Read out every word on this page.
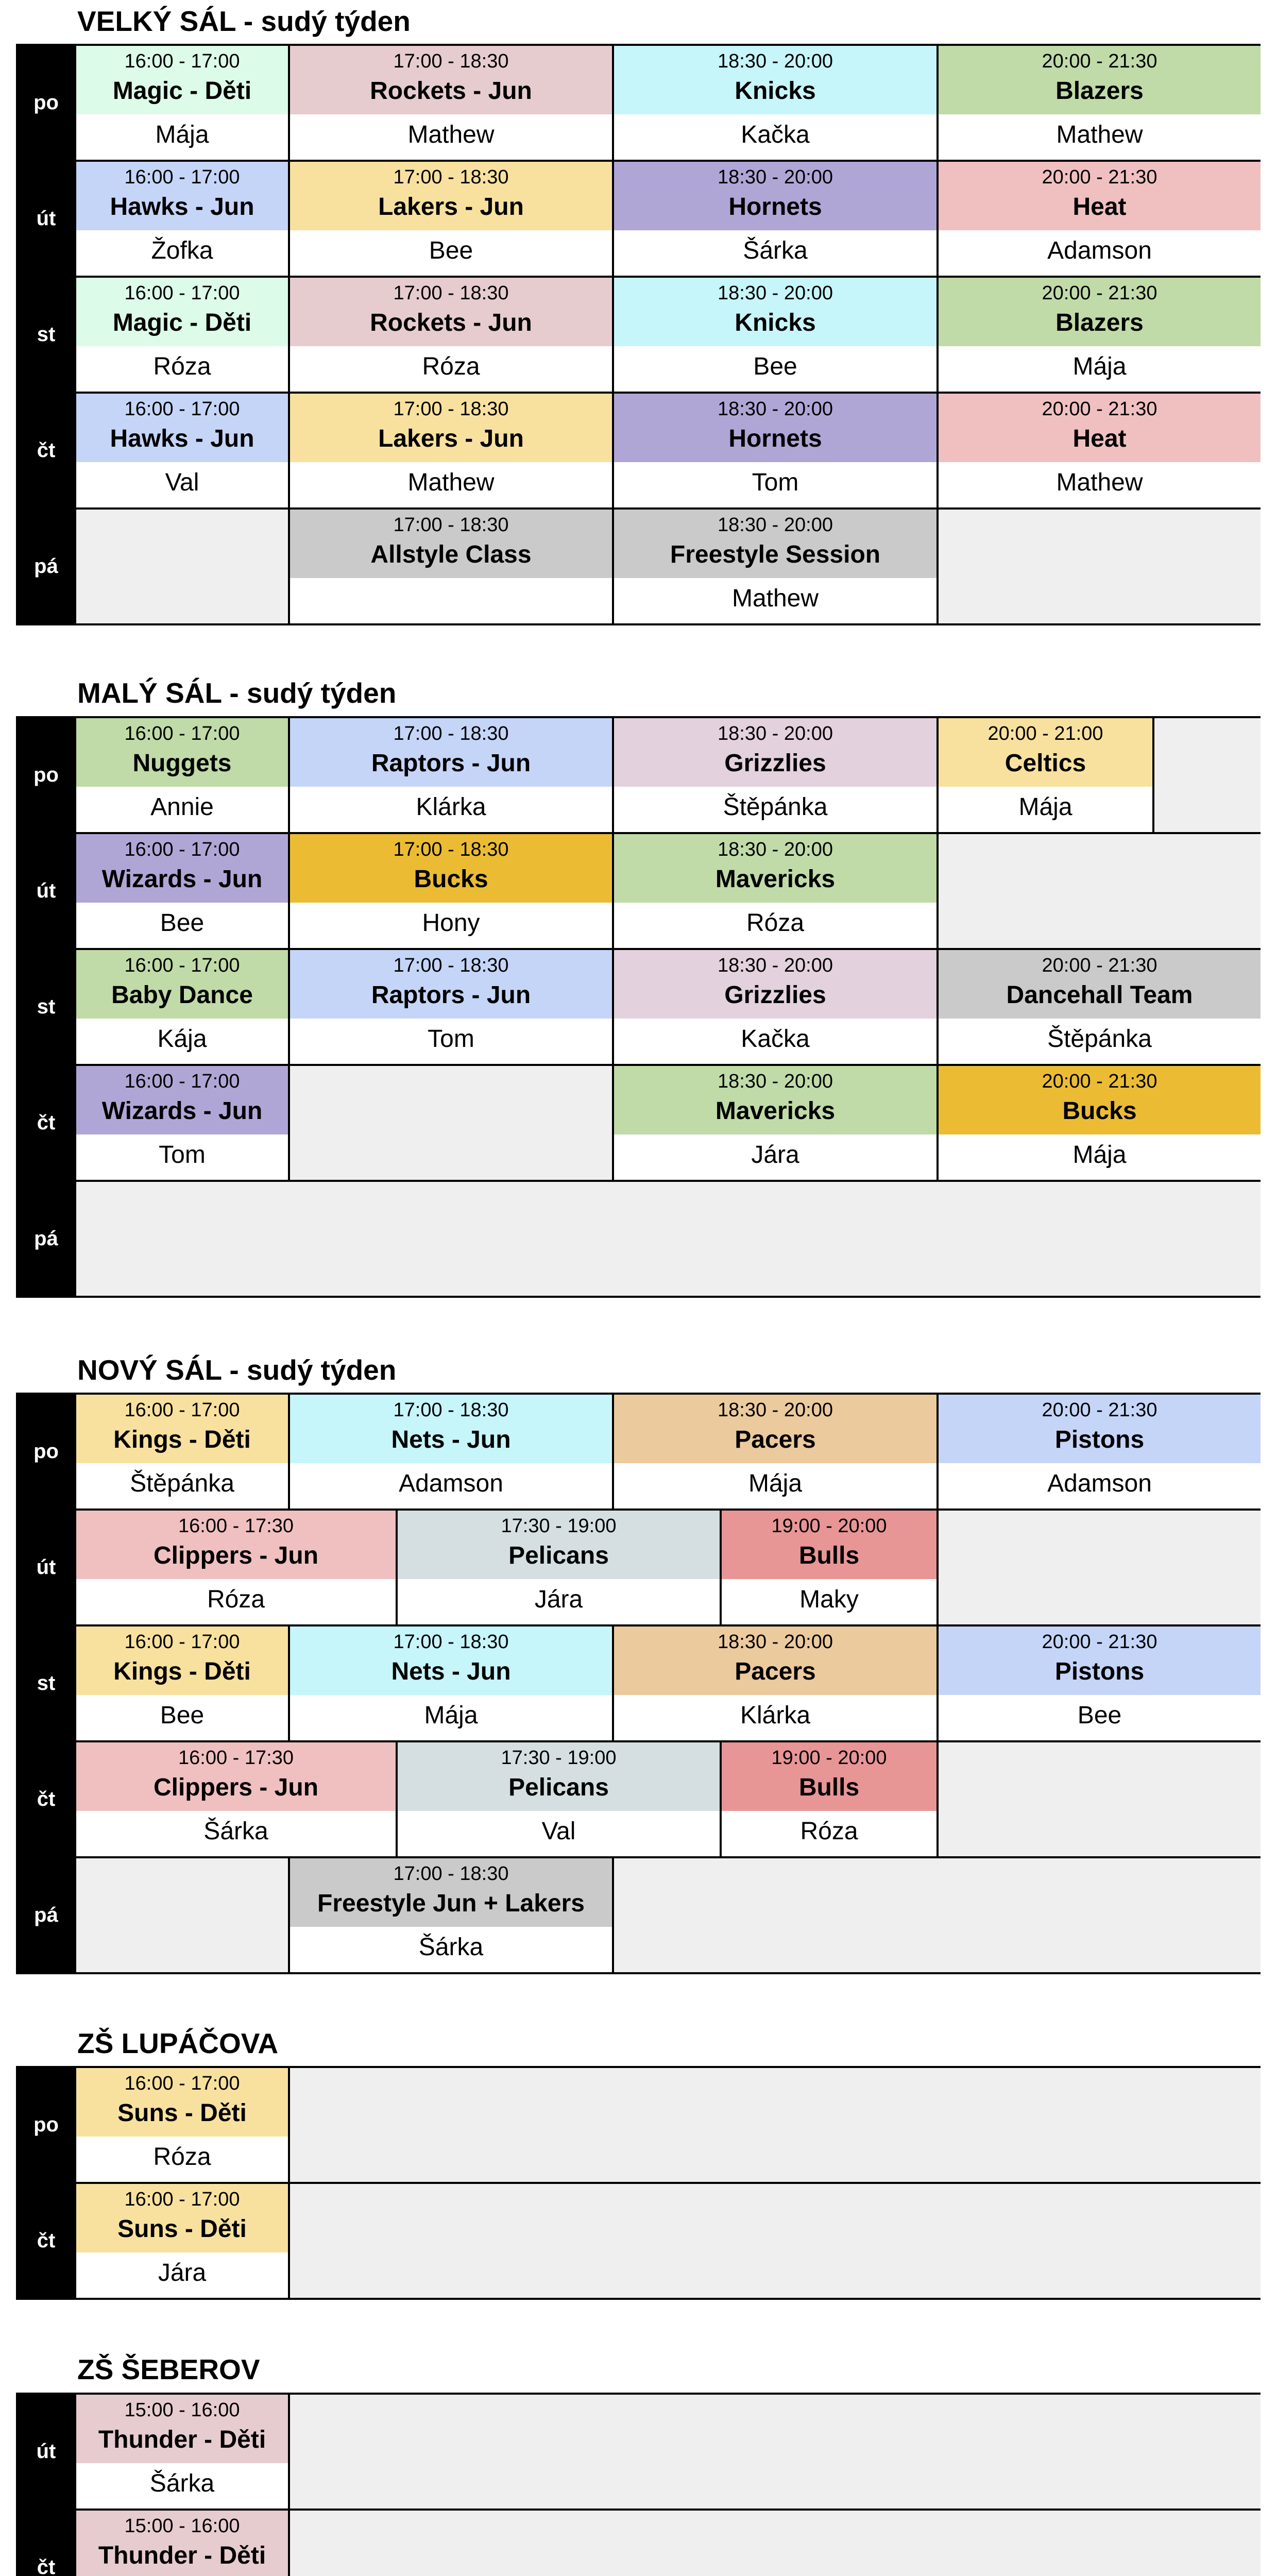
VELKÝ SÁL - sudý týden
po
16:00 - 17:00
Magic - Děti
Mája
17:00 - 18:30
Rockets - Jun
Mathew
18:30 - 20:00
Knicks
Kačka
20:00 - 21:30
Blazers
Mathew
út
16:00 - 17:00
Hawks - Jun
Žofka
17:00 - 18:30
Lakers - Jun
Bee
18:30 - 20:00
Hornets
Šárka
20:00 - 21:30
Heat
Adamson
st
16:00 - 17:00
Magic - Děti
Róza
17:00 - 18:30
Rockets - Jun
Róza
18:30 - 20:00
Knicks
Bee
20:00 - 21:30
Blazers
Mája
čt
16:00 - 17:00
Hawks - Jun
Val
17:00 - 18:30
Lakers - Jun
Mathew
18:30 - 20:00
Hornets
Tom
20:00 - 21:30
Heat
Mathew
pá
17:00 - 18:30
Allstyle Class
18:30 - 20:00
Freestyle Session
Mathew
MALÝ SÁL - sudý týden
po
16:00 - 17:00
Nuggets
Annie
17:00 - 18:30
Raptors - Jun
Klárka
18:30 - 20:00
Grizzlies
Štěpánka
20:00 - 21:00
Celtics
Mája
út
16:00 - 17:00
Wizards - Jun
Bee
17:00 - 18:30
Bucks
Hony
18:30 - 20:00
Mavericks
Róza
st
16:00 - 17:00
Baby Dance
Kája
17:00 - 18:30
Raptors - Jun
Tom
18:30 - 20:00
Grizzlies
Kačka
20:00 - 21:30
Dancehall Team
Štěpánka
čt
16:00 - 17:00
Wizards - Jun
Tom
18:30 - 20:00
Mavericks
Jára
20:00 - 21:30
Bucks
Mája
pá
NOVÝ SÁL - sudý týden
po
16:00 - 17:00
Kings - Děti
Štěpánka
17:00 - 18:30
Nets - Jun
Adamson
18:30 - 20:00
Pacers
Mája
20:00 - 21:30
Pistons
Adamson
út
16:00 - 17:30
Clippers - Jun
Róza
17:30 - 19:00
Pelicans
Jára
19:00 - 20:00
Bulls
Maky
st
16:00 - 17:00
Kings - Děti
Bee
17:00 - 18:30
Nets - Jun
Mája
18:30 - 20:00
Pacers
Klárka
20:00 - 21:30
Pistons
Bee
čt
16:00 - 17:30
Clippers - Jun
Šárka
17:30 - 19:00
Pelicans
Val
19:00 - 20:00
Bulls
Róza
pá
17:00 - 18:30
Freestyle Jun + Lakers
Šárka
ZŠ LUPÁČOVA
po
16:00 - 17:00
Suns - Děti
Róza
čt
16:00 - 17:00
Suns - Děti
Jára
ZŠ ŠEBEROV
út
15:00 - 16:00
Thunder - Děti
Šárka
čt
15:00 - 16:00
Thunder - Děti
